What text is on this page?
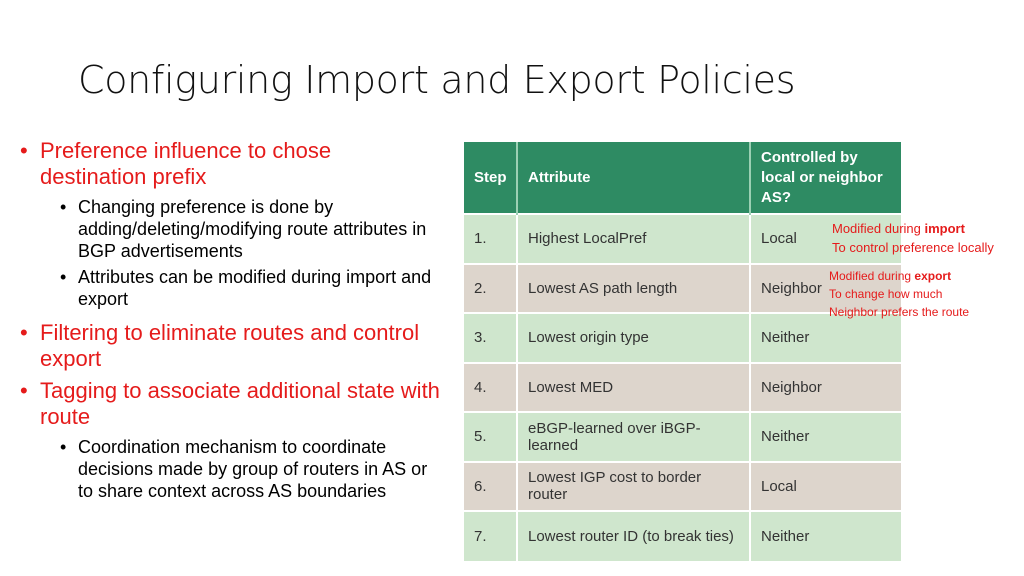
Configuring Import and Export Policies
• Preference influence to chose destination prefix
• Changing preference is done by adding/deleting/modifying route attributes in BGP advertisements
• Attributes can be modified during import and export
• Filtering to eliminate routes and control export
• Tagging to associate additional state with route
• Coordination mechanism to coordinate decisions made by group of routers in AS or to share context across AS boundaries
Step	Attribute	Controlled by local or neighbor AS?
1.	Highest LocalPref	Local
2.	Lowest AS path length	Neighbor
3.	Lowest origin type	Neither
4.	Lowest MED	Neighbor
5.	eBGP-learned over iBGP-learned	Neither
6.	Lowest IGP cost to border router	Local
7.	Lowest router ID (to break ties)	Neither
Modified during import
To control preference locally
Modified during export
To change how much
Neighbor prefers the route
